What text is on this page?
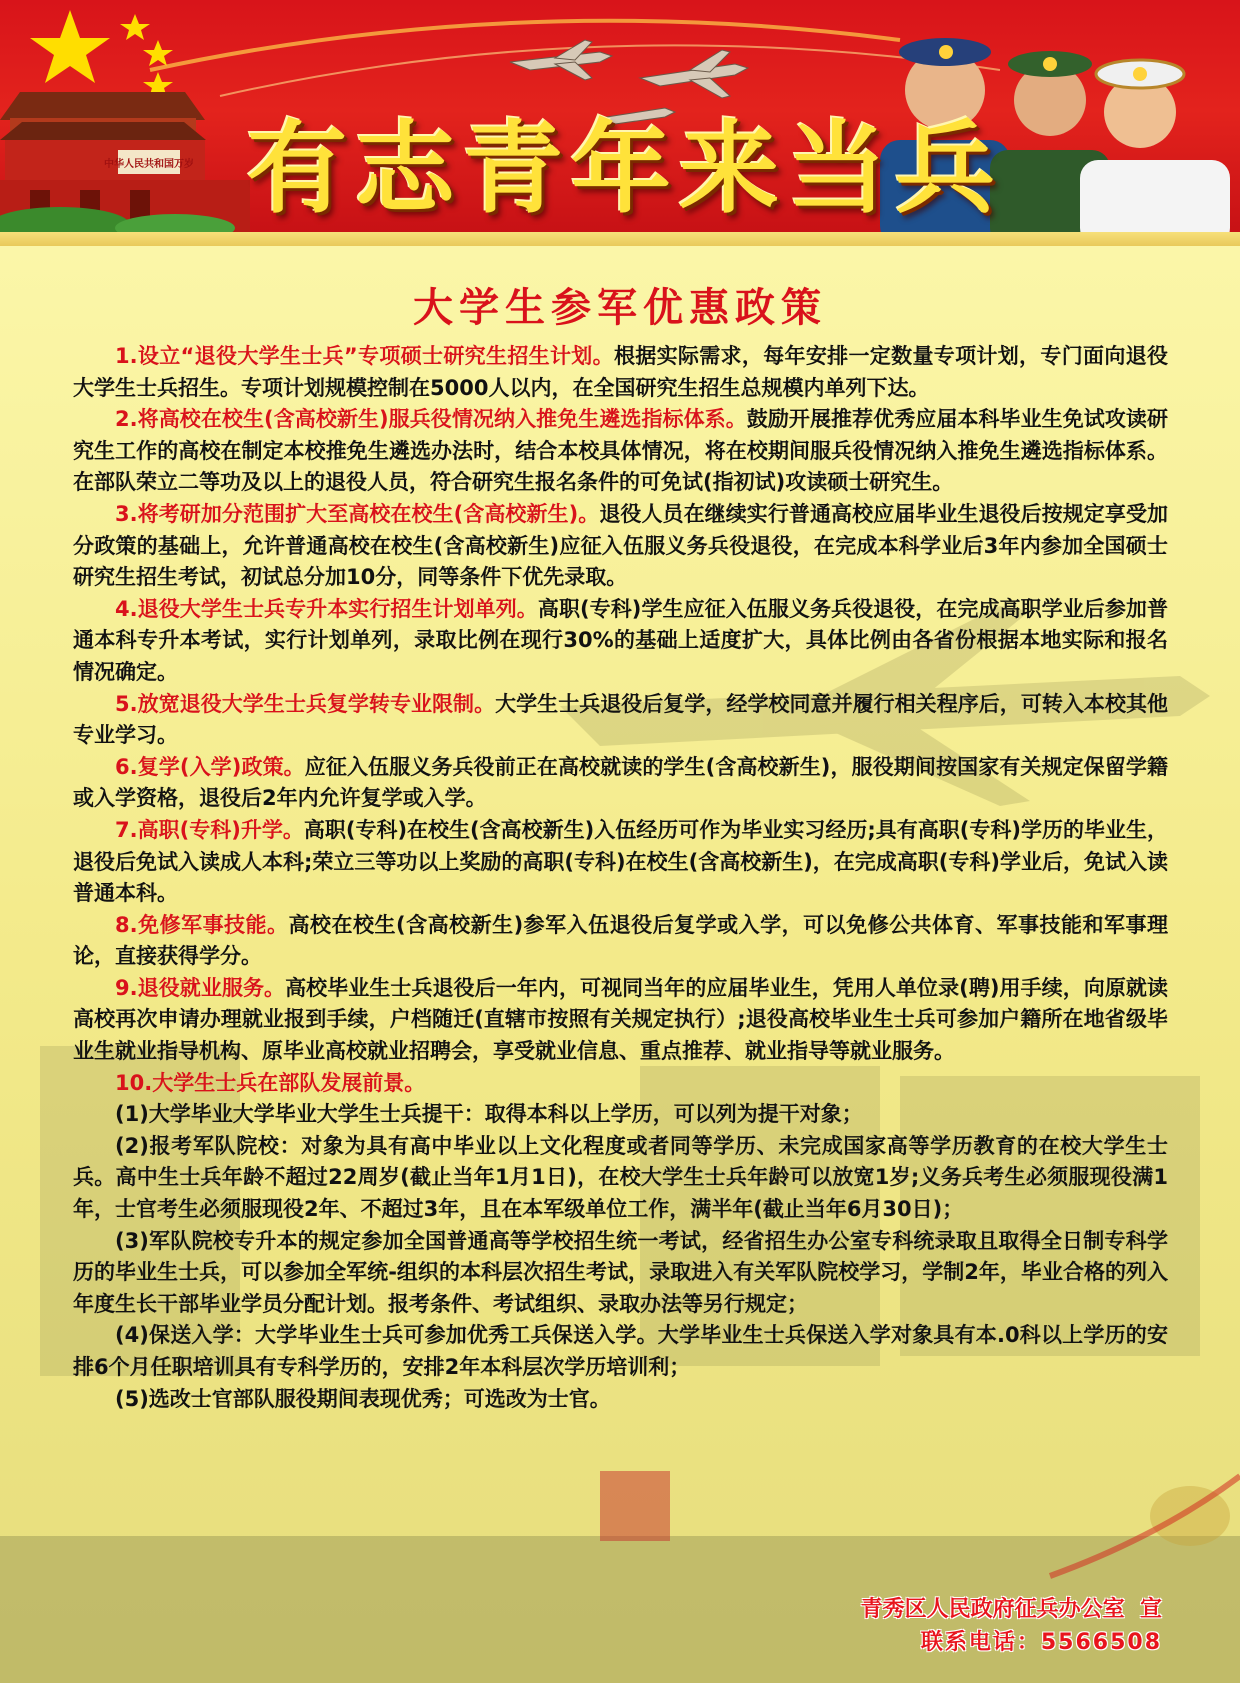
中华人民共和国万岁 有志青年来当兵
大学生参军优惠政策

1.设立“退役大学生士兵”专项硕士研究生招生计划。根据实际需求，每年安排一定数量专项计划，专门面向退役大学生士兵招生。专项计划规模控制在5000人以内，在全国研究生招生总规模内单列下达。

2.将高校在校生(含高校新生)服兵役情况纳入推免生遴选指标体系。鼓励开展推荐优秀应届本科毕业生免试攻读研究生工作的高校在制定本校推免生遴选办法时，结合本校具体情况，将在校期间服兵役情况纳入推免生遴选指标体系。在部队荣立二等功及以上的退役人员，符合研究生报名条件的可免试(指初试)攻读硕士研究生。

3.将考研加分范围扩大至高校在校生(含高校新生)。退役人员在继续实行普通高校应届毕业生退役后按规定享受加分政策的基础上，允许普通高校在校生(含高校新生)应征入伍服义务兵役退役，在完成本科学业后3年内参加全国硕士研究生招生考试，初试总分加10分，同等条件下优先录取。

4.退役大学生士兵专升本实行招生计划单列。高职(专科)学生应征入伍服义务兵役退役，在完成高职学业后参加普通本科专升本考试，实行计划单列，录取比例在现行30%的基础上适度扩大，具体比例由各省份根据本地实际和报名情况确定。

5.放宽退役大学生士兵复学转专业限制。大学生士兵退役后复学，经学校同意并履行相关程序后，可转入本校其他专业学习。

6.复学(入学)政策。应征入伍服义务兵役前正在高校就读的学生(含高校新生)，服役期间按国家有关规定保留学籍或入学资格，退役后2年内允许复学或入学。

7.高职(专科)升学。高职(专科)在校生(含高校新生)入伍经历可作为毕业实习经历;具有高职(专科)学历的毕业生，退役后免试入读成人本科;荣立三等功以上奖励的高职(专科)在校生(含高校新生)，在完成高职(专科)学业后，免试入读普通本科。

8.免修军事技能。高校在校生(含高校新生)参军入伍退役后复学或入学，可以免修公共体育、军事技能和军事理论，直接获得学分。

9.退役就业服务。高校毕业生士兵退役后一年内，可视同当年的应届毕业生，凭用人单位录(聘)用手续，向原就读高校再次申请办理就业报到手续，户档随迁(直辖市按照有关规定执行）;退役高校毕业生士兵可参加户籍所在地省级毕业生就业指导机构、原毕业高校就业招聘会，享受就业信息、重点推荐、就业指导等就业服务。

10.大学生士兵在部队发展前景。

(1)大学毕业大学毕业大学生士兵提干：取得本科以上学历，可以列为提干对象；

(2)报考军队院校：对象为具有高中毕业以上文化程度或者同等学历、未完成国家高等学历教育的在校大学生士兵。高中生士兵年龄不超过22周岁(截止当年1月1日)，在校大学生士兵年龄可以放宽1岁;义务兵考生必须服现役满1年，士官考生必须服现役2年、不超过3年，且在本军级单位工作，满半年(截止当年6月30日)；

(3)军队院校专升本的规定参加全国普通高等学校招生统一考试，经省招生办公室专科统录取且取得全日制专科学历的毕业生士兵，可以参加全军统-组织的本科层次招生考试，录取进入有关军队院校学习，学制2年，毕业合格的列入年度生长干部毕业学员分配计划。报考条件、考试组织、录取办法等另行规定；

(4)保送入学：大学毕业生士兵可参加优秀工兵保送入学。大学毕业生士兵保送入学对象具有本.0科以上学历的安排6个月任职培训具有专科学历的，安排2年本科层次学历培训利；

(5)选改士官部队服役期间表现优秀；可选改为士官。

青秀区人民政府征兵办公室  宣
联系电话：5566508
